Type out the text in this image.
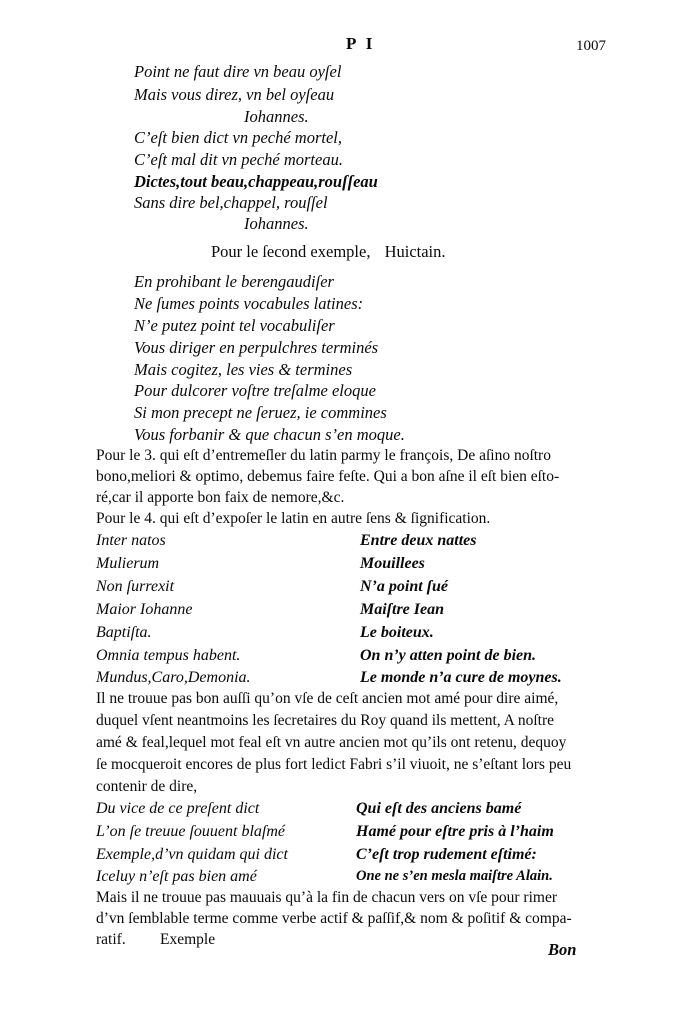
P I	1007
Point ne faut dire vn beau oyſel
Mais vous direz, vn bel oyſeau
Iohannes.
C’eſt bien dict vn peché mortel,
C’eſt mal dit vn peché morteau.
Dictes,tout beau,chappeau,rouſſeau
Sans dire bel,chappel, rouſſel
Iohannes.
Pour le ſecond exemple, Huictain.
En prohibant le berengaudiſer
Ne ſumes points vocabules latines:
N’e putez point tel vocabuliſer
Vous diriger en perpulchres terminés
Mais cogitez, les vies & termines
Pour dulcorer voſtre treſalme eloque
Si mon precept ne ſeruez, ie commines
Vous forbanir & que chacun s’en moque.
Pour le 3. qui eſt d’entremeſler du latin parmy le françois, De aſino noſtro
bono,meliori & optimo, debemus faire feſte. Qui a bon aſne il eſt bien eſto-
ré,car il apporte bon faix de nemore,&c.
Pour le 4. qui eſt d’expoſer le latin en autre ſens & ſignification.
Inter natos	Entre deux nattes
Mulierum	Mouillees
Non ſurrexit	N’a point ſué
Maior Iohanne	Maiſtre Iean
Baptiſta.	Le boiteux.
Omnia tempus habent.	On n’y atten point de bien.
Mundus,Caro,Demonia.	Le monde n’a cure de moynes.
Il ne trouue pas bon auſſi qu’on vſe de ceſt ancien mot amé pour dire aimé,
duquel vſent neantmoins les ſecretaires du Roy quand ils mettent, A noſtre
amé & feal,lequel mot feal eſt vn autre ancien mot qu’ils ont retenu, dequoy
ſe mocqueroit encores de plus fort ledict Fabri s’il viuoit, ne s’eſtant lors peu
contenir de dire,
Du vice de ce preſent dict	Qui eſt des anciens bamé
L’on ſe treuue ſouuent blaſmé	Hamé pour eſtre pris à l’haim
Exemple,d’vn quidam qui dict	C’eſt trop rudement eſtimé:
Iceluy n’eſt pas bien amé	One ne s’en mesla maiſtre Alain.
Mais il ne trouue pas mauuais qu’à la fin de chacun vers on vſe pour rimer
d’vn ſemblable terme comme verbe actif & paſſif,& nom & poſitif & compa-
ratif. Exemple
Bon
